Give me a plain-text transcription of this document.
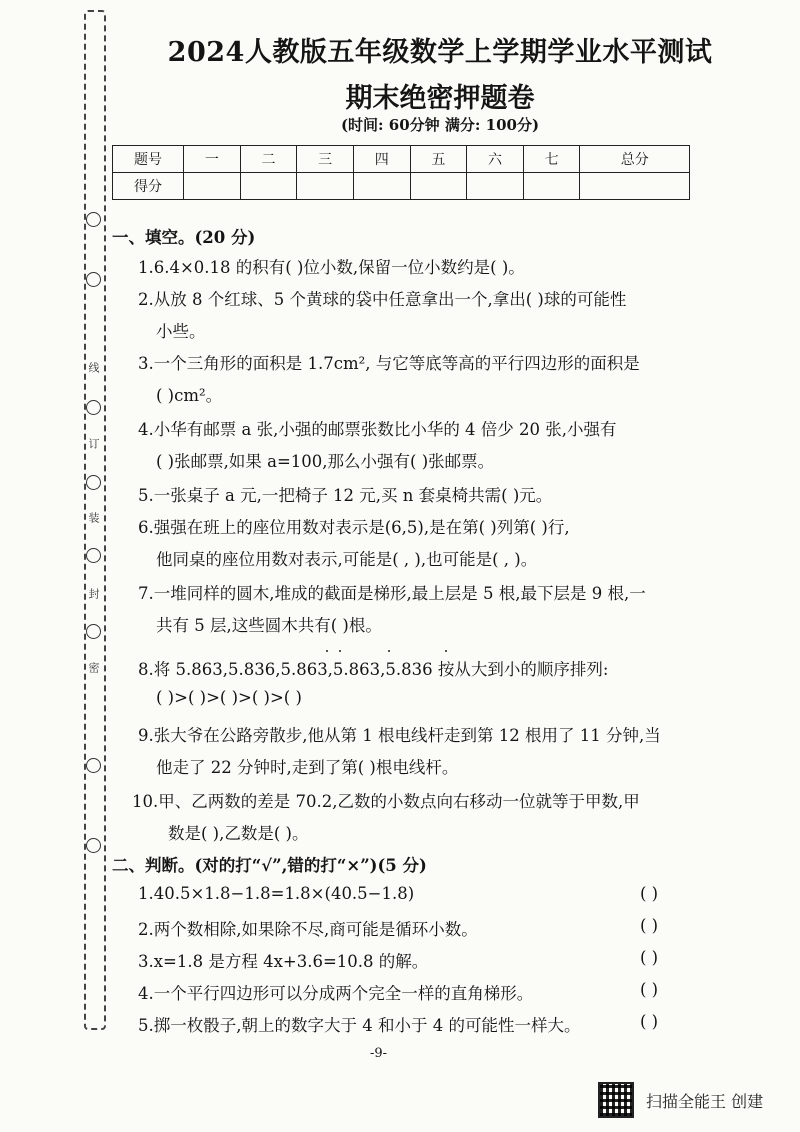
线
订
装
封
密
2024人教版五年级数学上学期学业水平测试
期末绝密押题卷
(时间: 60分钟 满分: 100分)
题号	一	二	三	四	五	六	七	总分
得分								
一、填空。(20 分)
1.6.4×0.18 的积有( )位小数,保留一位小数约是( )。
2.从放 8 个红球、5 个黄球的袋中任意拿出一个,拿出( )球的可能性
小些。
3.一个三角形的面积是 1.7cm², 与它等底等高的平行四边形的面积是
( )cm²。
4.小华有邮票 a 张,小强的邮票张数比小华的 4 倍少 20 张,小强有
( )张邮票,如果 a=100,那么小强有( )张邮票。
5.一张桌子 a 元,一把椅子 12 元,买 n 套桌椅共需( )元。
6.强强在班上的座位用数对表示是(6,5),是在第( )列第( )行,
他同桌的座位用数对表示,可能是( , ),也可能是( , )。
7.一堆同样的圆木,堆成的截面是梯形,最上层是 5 根,最下层是 9 根,一
共有 5 层,这些圆木共有( )根。
8.将 5.863,5.836,5.863,5.863,5.836 按从大到小的顺序排列:
( )>( )>( )>( )>( )
9.张大爷在公路旁散步,他从第 1 根电线杆走到第 12 根用了 11 分钟,当
他走了 22 分钟时,走到了第( )根电线杆。
10.甲、乙两数的差是 70.2,乙数的小数点向右移动一位就等于甲数,甲
数是( ),乙数是( )。
二、判断。(对的打“√”,错的打“×”)(5 分)
1.40.5×1.8−1.8=1.8×(40.5−1.8)
2.两个数相除,如果除不尽,商可能是循环小数。
3.x=1.8 是方程 4x+3.6=10.8 的解。
4.一个平行四边形可以分成两个完全一样的直角梯形。
5.掷一枚骰子,朝上的数字大于 4 和小于 4 的可能性一样大。
( )
( )
( )
( )
( )
-9-
扫描全能王 创建
